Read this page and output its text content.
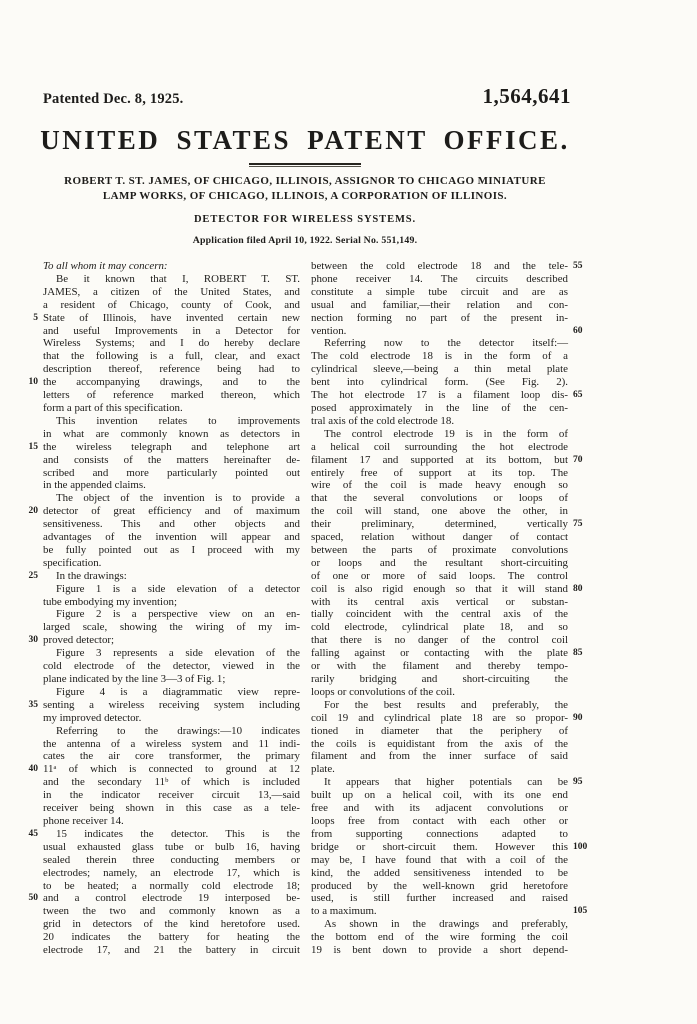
Patented Dec. 8, 1925.	1,564,641
UNITED STATES PATENT OFFICE.
ROBERT T. ST. JAMES, OF CHICAGO, ILLINOIS, ASSIGNOR TO CHICAGO MINIATURE
LAMP WORKS, OF CHICAGO, ILLINOIS, A CORPORATION OF ILLINOIS.
DETECTOR FOR WIRELESS SYSTEMS.
Application filed April 10, 1922. Serial No. 551,149.
To all whom it may concern:
Be it known that I, ROBERT T. ST.
JAMES, a citizen of the United States, and
a resident of Chicago, county of Cook, and
State of Illinois, have invented certain new
5
and useful Improvements in a Detector for
Wireless Systems; and I do hereby declare
that the following is a full, clear, and exact
description thereof, reference being had to
the accompanying drawings, and to the
10
letters of reference marked thereon, which
form a part of this specification.
This invention relates to improvements
in what are commonly known as detectors in
the wireless telegraph and telephone art
15
and consists of the matters hereinafter de-
scribed and more particularly pointed out
in the appended claims.
The object of the invention is to provide a
detector of great efficiency and of maximum
20
sensitiveness. This and other objects and
advantages of the invention will appear and
be fully pointed out as I proceed with my
specification.
In the drawings:
25
Figure 1 is a side elevation of a detector
tube embodying my invention;
Figure 2 is a perspective view on an en-
larged scale, showing the wiring of my im-
proved detector;
30
Figure 3 represents a side elevation of the
cold electrode of the detector, viewed in the
plane indicated by the line 3—3 of Fig. 1;
Figure 4 is a diagrammatic view repre-
senting a wireless receiving system including
35
my improved detector.
Referring to the drawings:—10 indicates
the antenna of a wireless system and 11 indi-
cates the air core transformer, the primary
11ᵃ of which is connected to ground at 12
40
and the secondary 11ᵇ of which is included
in the indicator receiver circuit 13,—said
receiver being shown in this case as a tele-
phone receiver 14.
15 indicates the detector. This is the
45
usual exhausted glass tube or bulb 16, having
sealed therein three conducting members or
electrodes; namely, an electrode 17, which is
to be heated; a normally cold electrode 18;
and a control electrode 19 interposed be-
50
tween the two and commonly known as a
grid in detectors of the kind heretofore used.
20 indicates the battery for heating the
electrode 17, and 21 the battery in circuit
between the cold electrode 18 and the tele- 55
phone receiver 14. The circuits described
constitute a simple tube circuit and are as
usual and familiar,—their relation and con-
nection forming no part of the present in-
vention.	60
Referring now to the detector itself:—
The cold electrode 18 is in the form of a
cylindrical sleeve,—being a thin metal plate
bent into cylindrical form. (See Fig. 2).
The hot electrode 17 is a filament loop dis- 65
posed approximately in the line of the cen-
tral axis of the cold electrode 18.
The control electrode 19 is in the form of
a helical coil surrounding the hot electrode
filament 17 and supported at its bottom, but 70
entirely free of support at its top. The
wire of the coil is made heavy enough so
that the several convolutions or loops of
the coil will stand, one above the other, in
their preliminary, determined, vertically 75
spaced, relation without danger of contact
between the parts of proximate convolutions
or loops and the resultant short-circuiting
of one or more of said loops. The control
coil is also rigid enough so that it will stand 80
with its central axis vertical or substan-
tially coincident with the central axis of the
cold electrode, cylindrical plate 18, and so
that there is no danger of the control coil
falling against or contacting with the plate 85
or with the filament and thereby tempo-
rarily bridging and short-circuiting the
loops or convolutions of the coil.
For the best results and preferably, the
coil 19 and cylindrical plate 18 are so propor- 90
tioned in diameter that the periphery of
the coils is equidistant from the axis of the
filament and from the inner surface of said
plate.
It appears that higher potentials can be 95
built up on a helical coil, with its one end
free and with its adjacent convolutions or
loops free from contact with each other or
from supporting connections adapted to
bridge or short-circuit them. However this 100
may be, I have found that with a coil of the
kind, the added sensitiveness intended to be
produced by the well-known grid heretofore
used, is still further increased and raised
to a maximum.	105
As shown in the drawings and preferably,
the bottom end of the wire forming the coil
19 is bent down to provide a short depend-
